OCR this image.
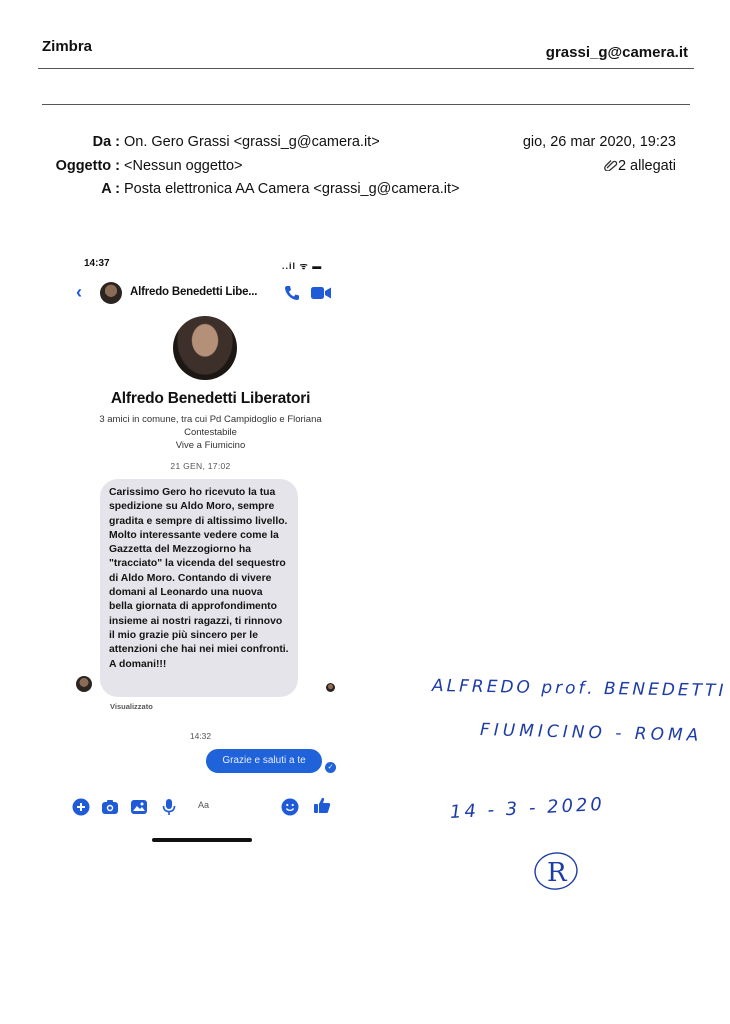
Zimbra	grassi_g@camera.it
Da : On. Gero Grassi <grassi_g@camera.it>
Oggetto : <Nessun oggetto>
A : Posta elettronica AA Camera <grassi_g@camera.it>
gio, 26 mar 2020, 19:23
2 allegati
14:37	..il ᯤ ▬
‹	Alfredo Benedetti Libe...
Alfredo Benedetti Liberatori
3 amici in comune, tra cui Pd Campidoglio e Floriana Contestabile
Vive a Fiumicino
21 GEN, 17:02
Carissimo Gero ho ricevuto la tua spedizione su Aldo Moro, sempre gradita e sempre di altissimo livello. Molto interessante vedere come la Gazzetta del Mezzogiorno ha "tracciato" la vicenda del sequestro di Aldo Moro. Contando di vivere domani al Leonardo una nuova bella giornata di approfondimento insieme ai nostri ragazzi, ti rinnovo il mio grazie più sincero per le attenzioni che hai nei miei confronti. A domani!!!
Visualizzato
14:32
Grazie e saluti a te
✓
Aa
ALFREDO prof. BENEDETTI
FIUMICINO - ROMA
14 - 3 - 2020
R
